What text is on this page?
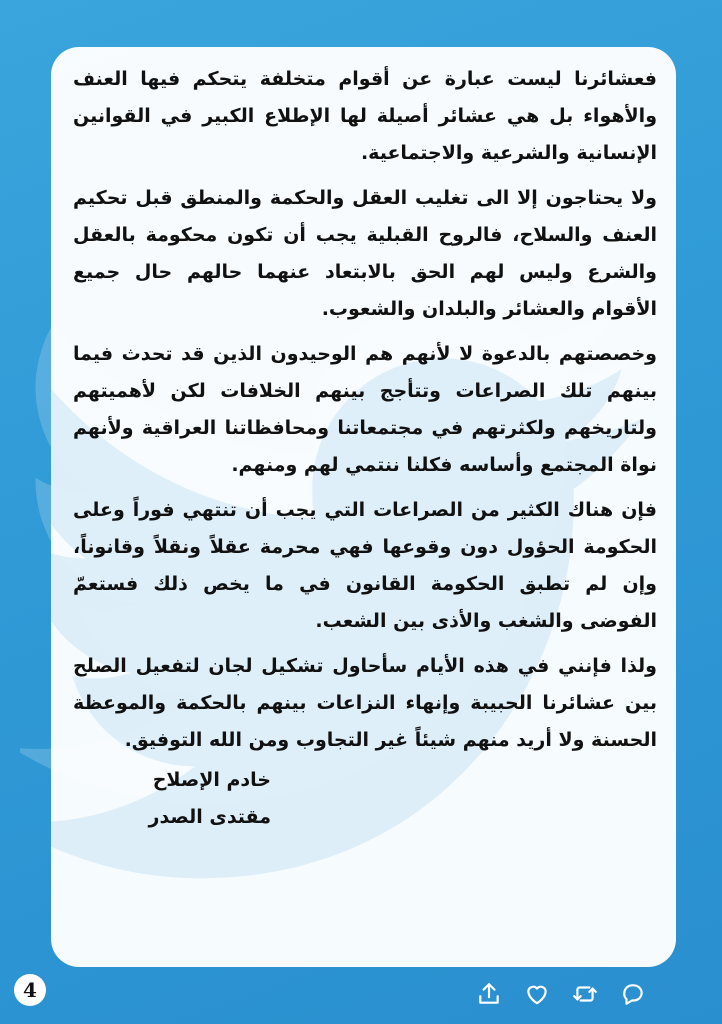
فعشائرنا ليست عبارة عن أقوام متخلفة يتحكم فيها العنف والأهواء بل هي عشائر أصيلة لها الإطلاع الكبير في القوانين الإنسانية والشرعية والاجتماعية.

ولا يحتاجون إلا الى تغليب العقل والحكمة والمنطق قبل تحكيم العنف والسلاح، فالروح القبلية يجب أن تكون محكومة بالعقل والشرع وليس لهم الحق بالابتعاد عنهما حالهم حال جميع الأقوام والعشائر والبلدان والشعوب.

وخصصتهم بالدعوة لا لأنهم هم الوحيدون الذين قد تحدث فيما بينهم تلك الصراعات وتتأجج بينهم الخلافات لكن لأهميتهم ولتاريخهم ولكثرتهم في مجتمعاتنا ومحافظاتنا العراقية ولأنهم نواة المجتمع وأساسه فكلنا ننتمي لهم ومنهم.

فإن هناك الكثير من الصراعات التي يجب أن تنتهي فوراً وعلى الحكومة الحؤول دون وقوعها فهي محرمة عقلاً ونقلاً وقانوناً، وإن لم تطبق الحكومة القانون في ما يخص ذلك فستعمّ الفوضى والشغب والأذى بين الشعب.

ولذا فإنني في هذه الأيام سأحاول تشكيل لجان لتفعيل الصلح بين عشائرنا الحبيبة وإنهاء النزاعات بينهم بالحكمة والموعظة الحسنة ولا أريد منهم شيئاً غير التجاوب ومن الله التوفيق.

خادم الإصلاح
مقتدى الصدر
4
